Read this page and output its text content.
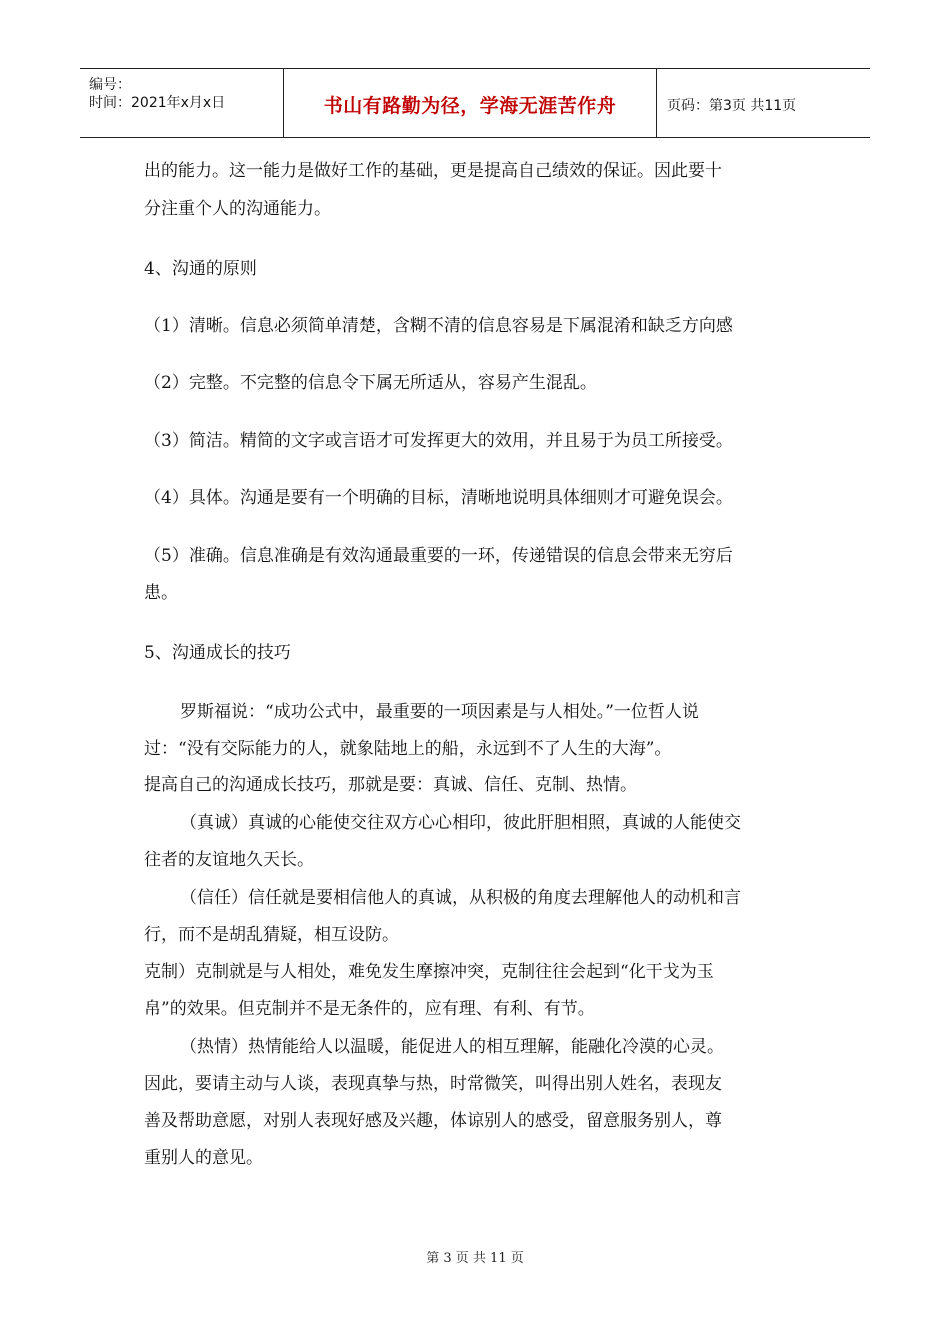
编号：
时间：2021年x月x日	书山有路勤为径，学海无涯苦作舟	页码：第3页 共11页
出的能力。这一能力是做好工作的基础，更是提高自己绩效的保证。因此要十
分注重个人的沟通能力。
4、沟通的原则
（1）清晰。信息必须简单清楚，含糊不清的信息容易是下属混淆和缺乏方向感
（2）完整。不完整的信息令下属无所适从，容易产生混乱。
（3）简洁。精简的文字或言语才可发挥更大的效用，并且易于为员工所接受。
（4）具体。沟通是要有一个明确的目标，清晰地说明具体细则才可避免误会。
（5）准确。信息准确是有效沟通最重要的一环，传递错误的信息会带来无穷后
患。
5、沟通成长的技巧
罗斯福说：“成功公式中，最重要的一项因素是与人相处。”一位哲人说
过：“没有交际能力的人，就象陆地上的船，永远到不了人生的大海”。
提高自己的沟通成长技巧，那就是要：真诚、信任、克制、热情。
（真诚）真诚的心能使交往双方心心相印，彼此肝胆相照，真诚的人能使交
往者的友谊地久天长。
（信任）信任就是要相信他人的真诚，从积极的角度去理解他人的动机和言
行，而不是胡乱猜疑，相互设防。
克制）克制就是与人相处，难免发生摩擦冲突，克制往往会起到“化干戈为玉
帛”的效果。但克制并不是无条件的，应有理、有利、有节。
（热情）热情能给人以温暖，能促进人的相互理解，能融化冷漠的心灵。
因此，要请主动与人谈，表现真挚与热，时常微笑，叫得出别人姓名，表现友
善及帮助意愿，对别人表现好感及兴趣，体谅别人的感受，留意服务别人，尊
重别人的意见。
第 3 页 共 11 页
